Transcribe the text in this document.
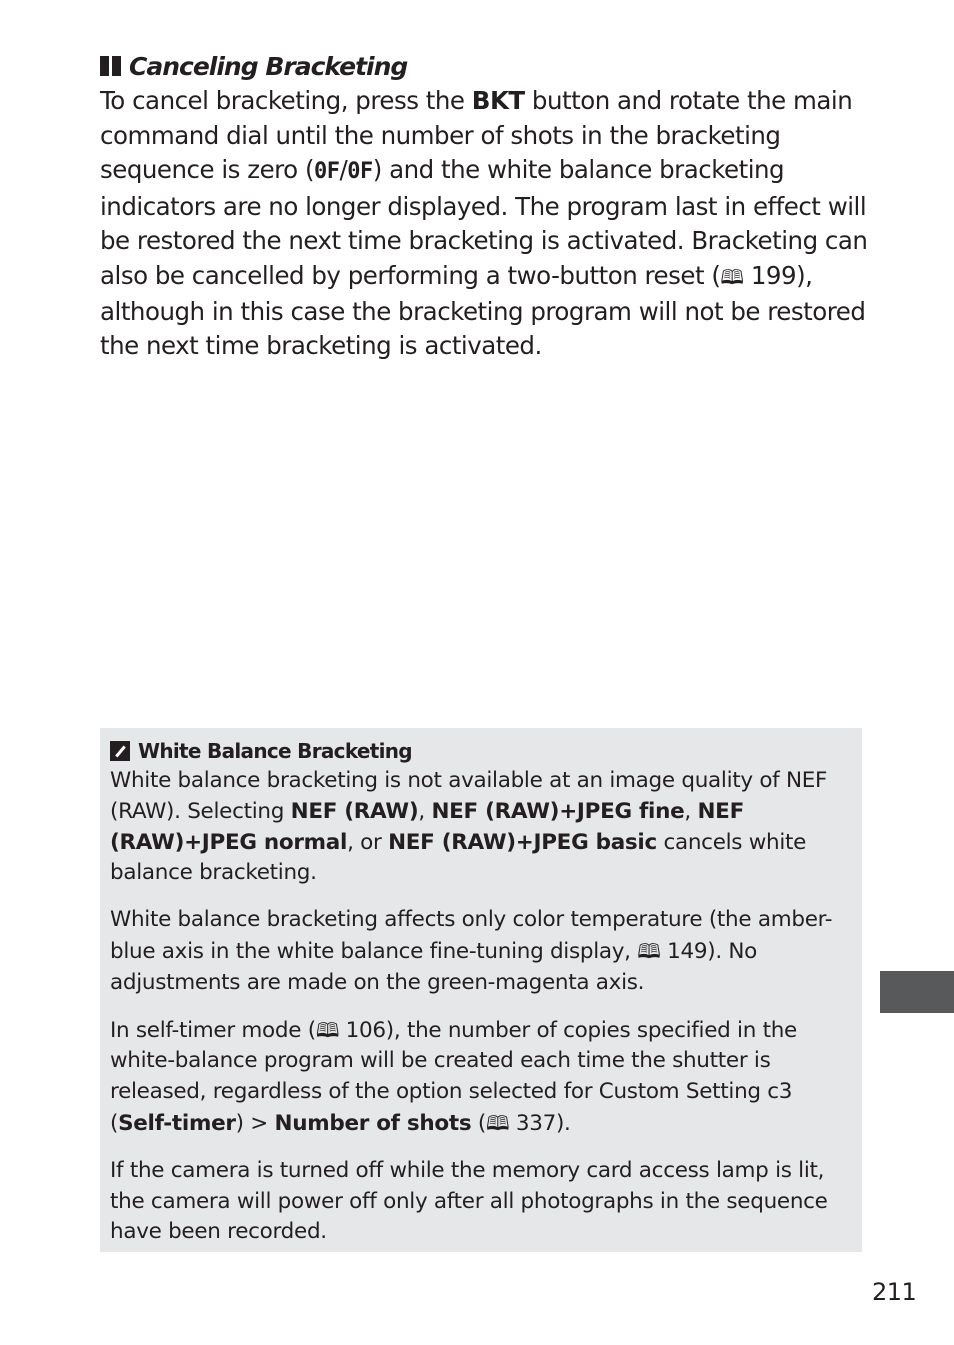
Canceling Bracketing

To cancel bracketing, press the BKT button and rotate the main command dial until the number of shots in the bracketing sequence is zero (0F/0F) and the white balance bracketing indicators are no longer displayed. The program last in effect will be restored the next time bracketing is activated. Bracketing can also be cancelled by performing a two-button reset (🕮 199), although in this case the bracketing program will not be restored the next time bracketing is activated.

White Balance Bracketing

White balance bracketing is not available at an image quality of NEF (RAW). Selecting NEF (RAW), NEF (RAW)+JPEG fine, NEF (RAW)+JPEG normal, or NEF (RAW)+JPEG basic cancels white balance bracketing.

White balance bracketing affects only color temperature (the amber-blue axis in the white balance fine-tuning display, 🕮 149). No adjustments are made on the green-magenta axis.

In self-timer mode (🕮 106), the number of copies specified in the white-balance program will be created each time the shutter is released, regardless of the option selected for Custom Setting c3 (Self-timer) > Number of shots (🕮 337).

If the camera is turned off while the memory card access lamp is lit, the camera will power off only after all photographs in the sequence have been recorded.

211
